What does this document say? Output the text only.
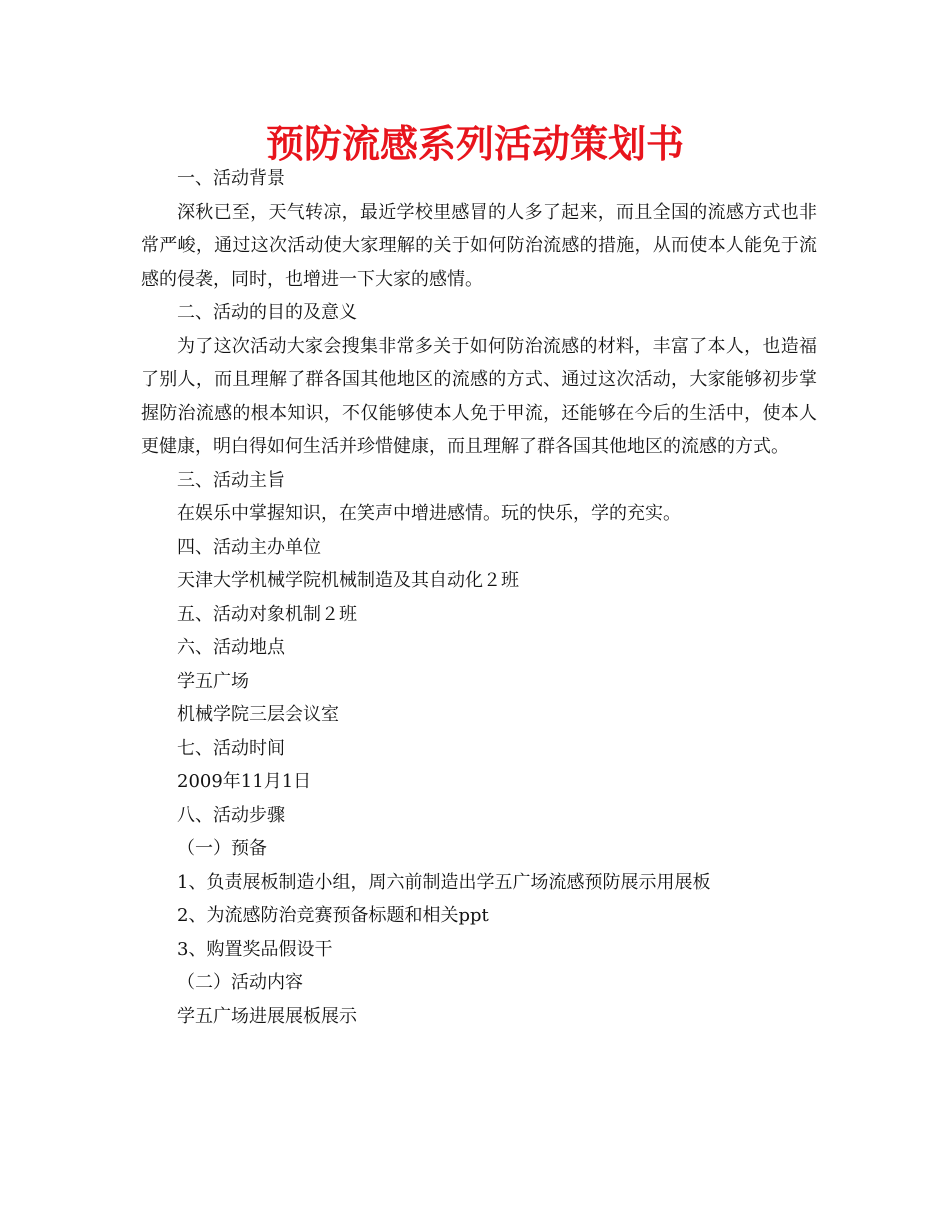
预防流感系列活动策划书

一、活动背景

深秋已至，天气转凉，最近学校里感冒的人多了起来，而且全国的流感方式也非常严峻，通过这次活动使大家理解的关于如何防治流感的措施，从而使本人能免于流感的侵袭，同时，也增进一下大家的感情。

二、活动的目的及意义

为了这次活动大家会搜集非常多关于如何防治流感的材料，丰富了本人，也造福了别人，而且理解了群各国其他地区的流感的方式、通过这次活动，大家能够初步掌握防治流感的根本知识，不仅能够使本人免于甲流，还能够在今后的生活中，使本人更健康，明白得如何生活并珍惜健康，而且理解了群各国其他地区的流感的方式。

三、活动主旨

在娱乐中掌握知识，在笑声中增进感情。玩的快乐，学的充实。

四、活动主办单位

天津大学机械学院机械制造及其自动化２班

五、活动对象机制２班

六、活动地点

学五广场

机械学院三层会议室

七、活动时间

2009年11月1日

八、活动步骤

（一）预备

1、负责展板制造小组，周六前制造出学五广场流感预防展示用展板

2、为流感防治竞赛预备标题和相关ppt

3、购置奖品假设干

（二）活动内容

学五广场进展展板展示
